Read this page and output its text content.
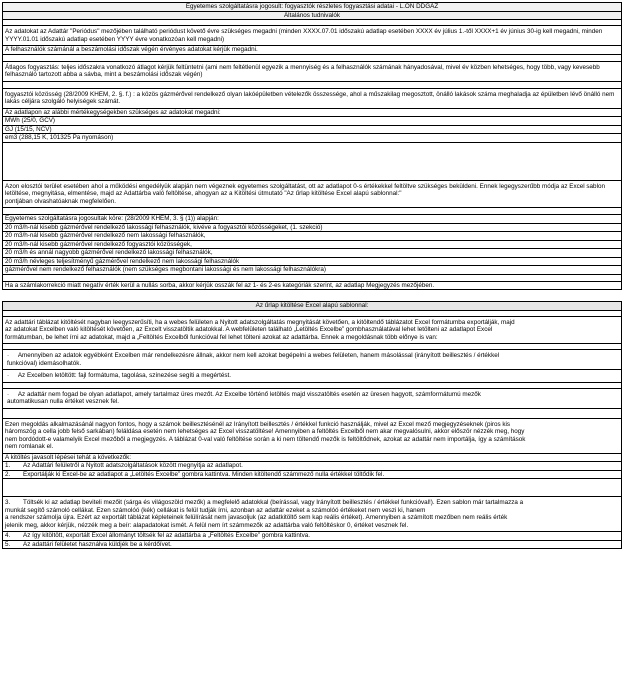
Egyetemes szolgáltatásra jogosult: fogyasztók részletes fogyasztási adatai - L.ON DDGÁZ
Általános tudnivalók
Az adatokat az Adattár "Periódus" mezőjében található periódust követő évre szükséges megadni (minden XXXX.07.01 időszakú adatlap esetében XXXX év július 1.-től XXXX+1 év június 30-ig kell megadni, minden YYYY.01.01 időszakú adatlap esetében YYYY évre vonatkozóan kell megadni)
A felhasználók számánál a beszámolási időszak végén érvényes adatokat kérjük megadni.
Átlagos fogyasztás: teljes időszakra vonatkozó átlagot kérjük feltüntetni (ami nem feltétlenül egyezik a mennyiség és a felhasználók számának hányadosával, mivel év közben lehetséges, hogy több, vagy kevesebb felhasználó tartozott abba a sávba, mint a beszámolási időszak végén)
fogyasztói közösség (28/2009 KHEM, 2. §. f.) : a közös gázmérővel rendelkező olyan lakóépületben vételezők összessége, ahol a műszakilag megosztott, önálló lakások száma meghaladja az épületben lévő önálló nem lakás céljára szolgáló helyiségek számát.
Az adatlapon az alábbi mértékegységekben szükséges az adatokat megadni:
MWh (25/0, GCV)
GJ (15/15, NCV)
em3 (288,15 K, 101325 Pa nyomáson)
Azon elosztói terület esetében ahol a működési engedélyük alapján nem végeznek egyetemes szolgáltatást, ott az adatlapot 0-s értékekkel feltöltve szükséges beküldeni. Ennek legegyszerűbb módja az Excel sablon letöltése, megnyitása, elmentése, majd az Adattárba való feltöltése, ahogyan az a Kitöltési útmutató "Az űrlap kitöltése Excel alapú sablonnal:"
pontjában olvashatóaknak megfelelően.
Egyetemes szolgáltatásra jogosultak köre: (28/2009 KHEM, 3. § (1)) alapján:
20 m3/h-nál kisebb gázmérővel rendelkező lakossági felhasználók, kivéve a fogyasztói közösségeket, (1. szekció)
20 m3/h-nál kisebb gázmérővel rendelkező nem lakossági felhasználók,
20 m3/h-nál kisebb gázmérővel rendelkező fogyasztói közösségek,
20 m3/h és annál nagyobb gázmérővel rendelkező lakossági felhasználók,
20 m3/h névleges teljesítményű gázmérővel rendelkező nem lakossági felhasználók
gázmérővel nem rendelkező felhasználók (nem szükséges megbontani lakossági és nem lakossági felhasználókra)
Ha a számlakorrekció miatt negatív érték kerül a nullás sorba, akkor kérjük osszák fel az 1- és 2-es kategóriák szerint, az adatlap Megjegyzés mezőjében.
Az űrlap kitöltése Excel alapú sablonnal:
Az adattári táblázat kitöltését nagyban leegyszerűsíti, ha a webes felületen a Nyitott adatszolgáltatás megnyitását követően, a kitöltendő táblázatot Excel formátumba exportálják, majd
az adatokat Excelben való kitöltését követően, az Excelt visszatöltik adatokkal. A webfelületen található „Letöltés Excelbe” gombhasználatával lehet letölteni az adatlapot Excel
formátumban, be lehet írni az adatokat, majd a „Feltöltés Excelből funkcióval fel lehet tölteni azokat az adattárba. Ennek a megoldásnak több előnye is van:
·     Amennyiben az adatok egyébként Excelben már rendelkezésre állnak, akkor nem kell azokat begépelni a webes felületen, hanem másolással (irányított beillesztés / értékkel
funkcióval) idemásolhatók.
·     Az Excelben letöltött: fajl formátuma, tagolása, színezése segíti a megértést.
·     Az adattár nem fogad be olyan adatlapot, amely tartalmaz üres mezőt. Az Excelbe történő letöltés majd visszatöltés esetén az üresen hagyott, számformátumú mezők
automatikusan nulla értéket vesznek fel.
Ezen megoldás alkalmazásánál nagyon fontos, hogy a számok beillesztésénél az Irányított beillesztés / értékkel funkció használják, mivel az Excel mező megjegyzéseknek (piros kis
háromszög a cella jobb felső sarkában) feláldása esetén nem lehetséges az Excel visszatöltése! Amennyiben a feltöltés Excelből nem akar megvalósulni, akkor először nézzék meg, hogy
nem bordódott-e valamelyik Excel mezőből a megjegyzés. A táblázat 0-val való feltöltése során a ki nem töltendő mezők is feltöltődnek, azokat az adattár nem importálja, így a számítások
nem romlanak el.
A kitöltés javasolt lépései tehát a következők:
1. Az Adattári felületről a Nyitott adatszolgáltatások között megnyitja az adatlapot.
2. Exportálják ki Excel-be az adatlapot a „Letöltés Excelbe” gombra kattintva. Minden kitöltendő számmező nulla értékkel töltődik fel.
3. Töltsék ki az adatlap beviteli mezőit (sárga és világoszöld mezők) a megfelelő adatokkal (beírással, vagy Irányított beillesztés / értékkel funkcióval!). Ezen sablon már tartalmazza a
munkát segítő számoló cellákat. Ezen számolóó (kék) cellákat is felül tudják írni, azonban az adattár ezeket a számolóó értékeket nem veszi ki, hanem
a rendszer számolja újra. Ezért az exportált táblázat képleteinek felülírását nem javasoljuk (az adatkitöltő sem kap reális értéket). Amennyiben a számított mezőben nem reális érték
jelenik meg, akkor kérjük, nézzék meg a beír: alapadatokat ismét. A felül nem írt számmezők az adattárba való feltöltéskor 0, értéket vesznek fel.
4. Az így kitöltött, exportált Excel állományt töltsék fel az adattárba a „Feltöltés Excelbe” gombra kattintva.
5. Az adattári felületet használva küldjék be a kérdőívet.
